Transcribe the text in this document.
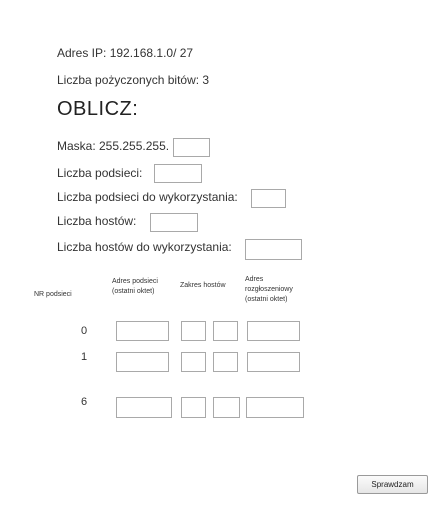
Adres IP: 192.168.1.0/ 27
Liczba pożyczonych bitów: 3
OBLICZ:
Maska: 255.255.255.
Liczba podsieci:
Liczba podsieci do wykorzystania:
Liczba hostów:
Liczba hostów do wykorzystania:
NR podsieci
Adres podsieci
(ostatni oktet)
Zakres hostów
Adres
rozgłoszeniowy
(ostatni oktet)
0
1
6
Sprawdzam
